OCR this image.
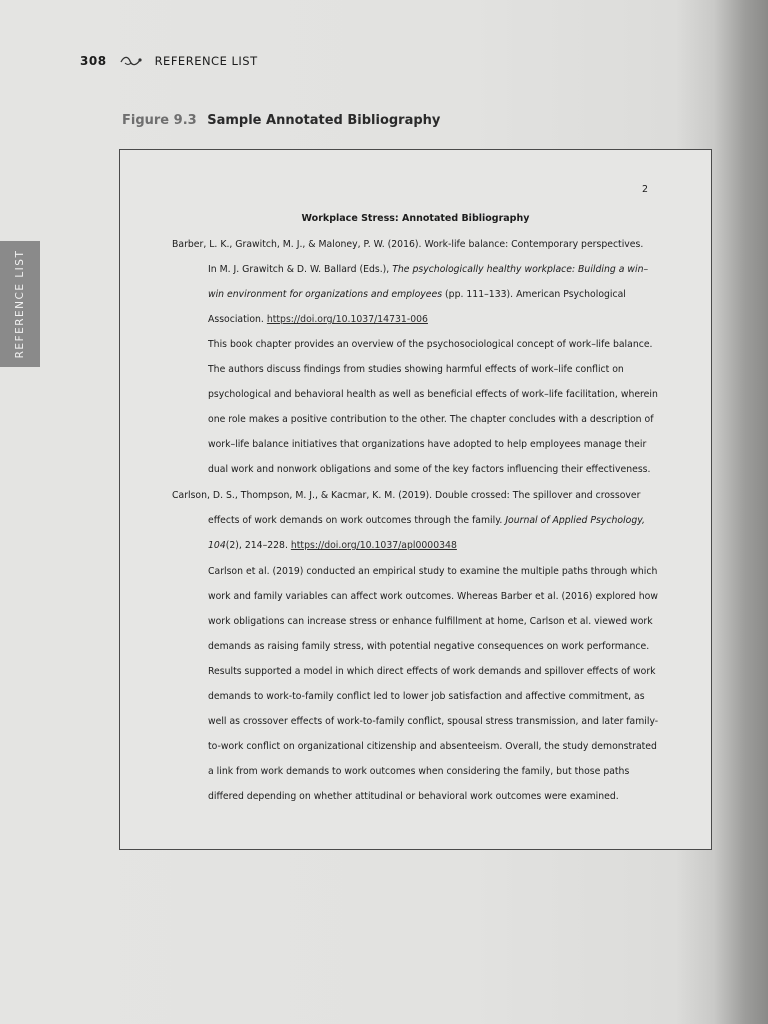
308	REFERENCE LIST
REFERENCE LIST
Figure 9.3 Sample Annotated Bibliography
2
Workplace Stress: Annotated Bibliography
Barber, L. K., Grawitch, M. J., & Maloney, P. W. (2016). Work-life balance: Contemporary perspectives.
In M. J. Grawitch & D. W. Ballard (Eds.), The psychologically healthy workplace: Building a win–
win environment for organizations and employees (pp. 111–133). American Psychological
Association. https://doi.org/10.1037/14731-006
This book chapter provides an overview of the psychosociological concept of work–life balance.
The authors discuss findings from studies showing harmful effects of work–life conflict on
psychological and behavioral health as well as beneficial effects of work–life facilitation, wherein
one role makes a positive contribution to the other. The chapter concludes with a description of
work–life balance initiatives that organizations have adopted to help employees manage their
dual work and nonwork obligations and some of the key factors influencing their effectiveness.
Carlson, D. S., Thompson, M. J., & Kacmar, K. M. (2019). Double crossed: The spillover and crossover
effects of work demands on work outcomes through the family. Journal of Applied Psychology,
104(2), 214–228. https://doi.org/10.1037/apl0000348
Carlson et al. (2019) conducted an empirical study to examine the multiple paths through which
work and family variables can affect work outcomes. Whereas Barber et al. (2016) explored how
work obligations can increase stress or enhance fulfillment at home, Carlson et al. viewed work
demands as raising family stress, with potential negative consequences on work performance.
Results supported a model in which direct effects of work demands and spillover effects of work
demands to work-to-family conflict led to lower job satisfaction and affective commitment, as
well as crossover effects of work-to-family conflict, spousal stress transmission, and later family-
to-work conflict on organizational citizenship and absenteeism. Overall, the study demonstrated
a link from work demands to work outcomes when considering the family, but those paths
differed depending on whether attitudinal or behavioral work outcomes were examined.
